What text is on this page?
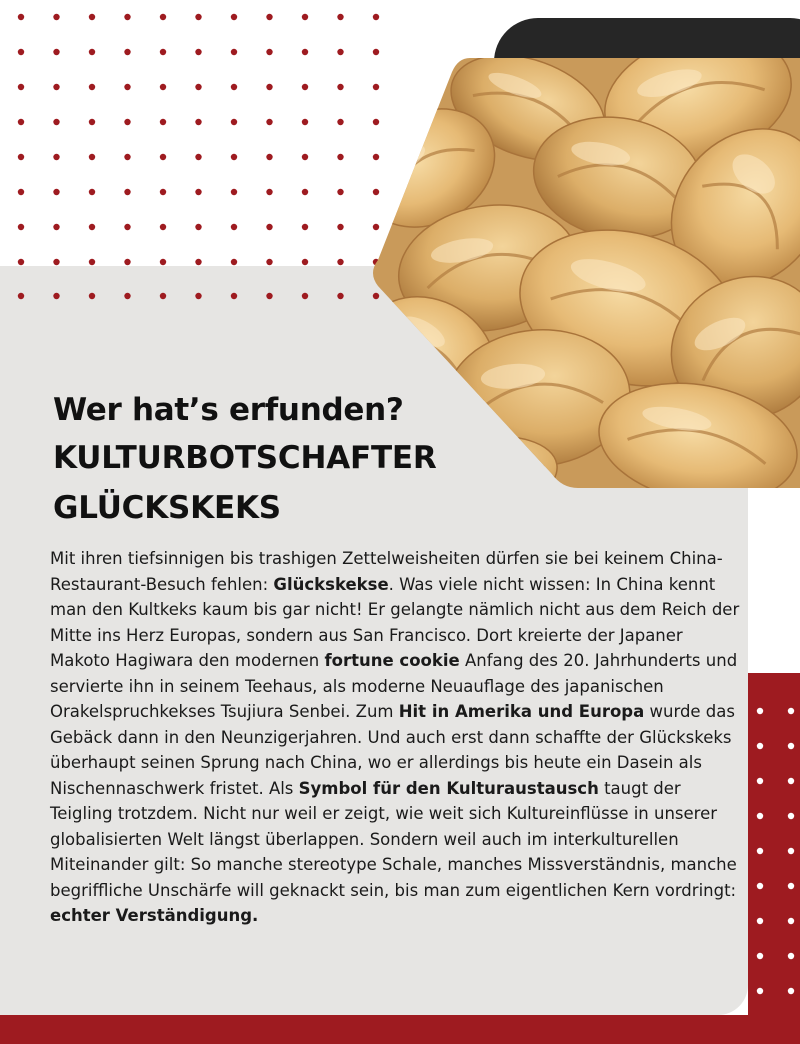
Wer hat’s erfunden?
KULTURBOTSCHAFTER
GLÜCKSKEKS

Mit ihren tiefsinnigen bis trashigen Zettelweisheiten dürfen sie bei keinem China-Restaurant-Besuch fehlen: Glückskekse. Was viele nicht wissen: In China kennt man den Kultkeks kaum bis gar nicht! Er gelangte nämlich nicht aus dem Reich der Mitte ins Herz Europas, sondern aus San Francisco. Dort kreierte der Japaner Makoto Hagiwara den modernen fortune cookie Anfang des 20. Jahrhunderts und servierte ihn in seinem Teehaus, als moderne Neuauflage des japanischen Orakelspruchkekses Tsujiura Senbei. Zum Hit in Amerika und Europa wurde das Gebäck dann in den Neunzigerjahren. Und auch erst dann schaffte der Glückskeks überhaupt seinen Sprung nach China, wo er allerdings bis heute ein Dasein als Nischennaschwerk fristet. Als Symbol für den Kulturaustausch taugt der Teigling trotzdem. Nicht nur weil er zeigt, wie weit sich Kultureinflüsse in unserer globalisierten Welt längst überlappen. Sondern weil auch im interkulturellen Miteinander gilt: So manche stereotype Schale, manches Missverständnis, manche begriffliche Unschärfe will geknackt sein, bis man zum eigentlichen Kern vordringt: echter Verständigung.
